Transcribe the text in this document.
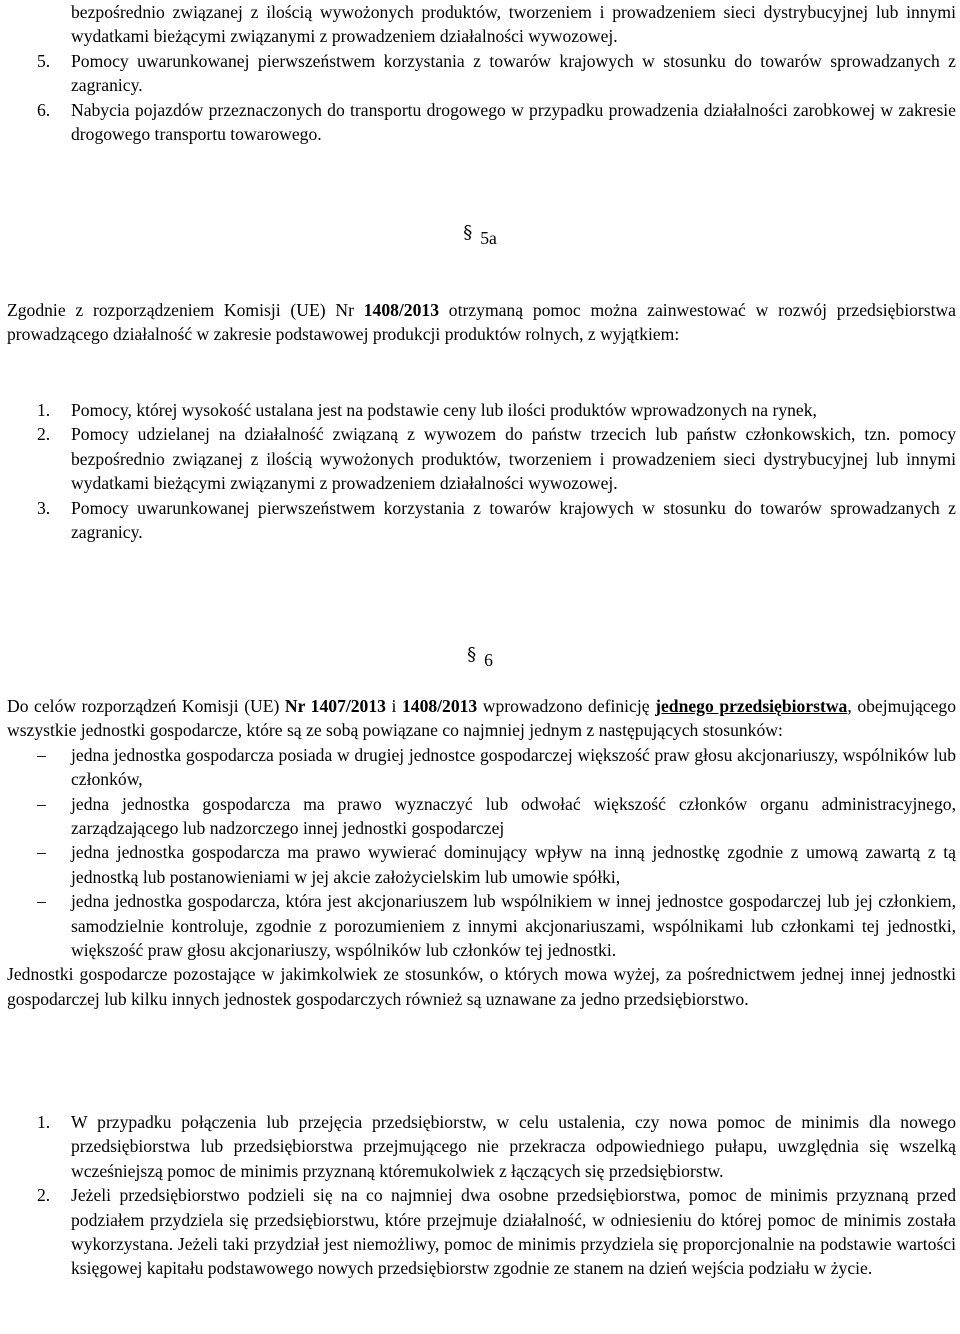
bezpośrednio związanej z ilością wywożonych produktów, tworzeniem i prowadzeniem sieci dystrybucyjnej lub innymi wydatkami bieżącymi związanymi z prowadzeniem działalności wywozowej.
5. Pomocy uwarunkowanej pierwszeństwem korzystania z towarów krajowych w stosunku do towarów sprowadzanych z zagranicy.
6. Nabycia pojazdów przeznaczonych do transportu drogowego w przypadku prowadzenia działalności zarobkowej w zakresie drogowego transportu towarowego.
§ 5a

Zgodnie z rozporządzeniem Komisji (UE) Nr 1408/2013 otrzymaną pomoc można zainwestować w rozwój przedsiębiorstwa prowadzącego działalność w zakresie podstawowej produkcji produktów rolnych, z wyjątkiem:

1. Pomocy, której wysokość ustalana jest na podstawie ceny lub ilości produktów wprowadzonych na rynek,
2. Pomocy udzielanej na działalność związaną z wywozem do państw trzecich lub państw członkowskich, tzn. pomocy bezpośrednio związanej z ilością wywożonych produktów, tworzeniem i prowadzeniem sieci dystrybucyjnej lub innymi wydatkami bieżącymi związanymi z prowadzeniem działalności wywozowej.
3. Pomocy uwarunkowanej pierwszeństwem korzystania z towarów krajowych w stosunku do towarów sprowadzanych z zagranicy.
§ 6

Do celów rozporządzeń Komisji (UE) Nr 1407/2013 i 1408/2013 wprowadzono definicję jednego przedsiębiorstwa, obejmującego wszystkie jednostki gospodarcze, które są ze sobą powiązane co najmniej jednym z następujących stosunków:

– jedna jednostka gospodarcza posiada w drugiej jednostce gospodarczej większość praw głosu akcjonariuszy, wspólników lub członków,
– jedna jednostka gospodarcza ma prawo wyznaczyć lub odwołać większość członków organu administracyjnego, zarządzającego lub nadzorczego innej jednostki gospodarczej
– jedna jednostka gospodarcza ma prawo wywierać dominujący wpływ na inną jednostkę zgodnie z umową zawartą z tą jednostką lub postanowieniami w jej akcie założycielskim lub umowie spółki,
– jedna jednostka gospodarcza, która jest akcjonariuszem lub wspólnikiem w innej jednostce gospodarczej lub jej członkiem, samodzielnie kontroluje, zgodnie z porozumieniem z innymi akcjonariuszami, wspólnikami lub członkami tej jednostki, większość praw głosu akcjonariuszy, wspólników lub członków tej jednostki.

Jednostki gospodarcze pozostające w jakimkolwiek ze stosunków, o których mowa wyżej, za pośrednictwem jednej innej jednostki gospodarczej lub kilku innych jednostek gospodarczych również są uznawane za jedno przedsiębiorstwo.

1. W przypadku połączenia lub przejęcia przedsiębiorstw, w celu ustalenia, czy nowa pomoc de minimis dla nowego przedsiębiorstwa lub przedsiębiorstwa przejmującego nie przekracza odpowiedniego pułapu, uwzględnia się wszelką wcześniejszą pomoc de minimis przyznaną któremukolwiek z łączących się przedsiębiorstw.
2. Jeżeli przedsiębiorstwo podzieli się na co najmniej dwa osobne przedsiębiorstwa, pomoc de minimis przyznaną przed podziałem przydziela się przedsiębiorstwu, które przejmuje działalność, w odniesieniu do której pomoc de minimis została wykorzystana. Jeżeli taki przydział jest niemożliwy, pomoc de minimis przydziela się proporcjonalnie na podstawie wartości księgowej kapitału podstawowego nowych przedsiębiorstw zgodnie ze stanem na dzień wejścia podziału w życie.
